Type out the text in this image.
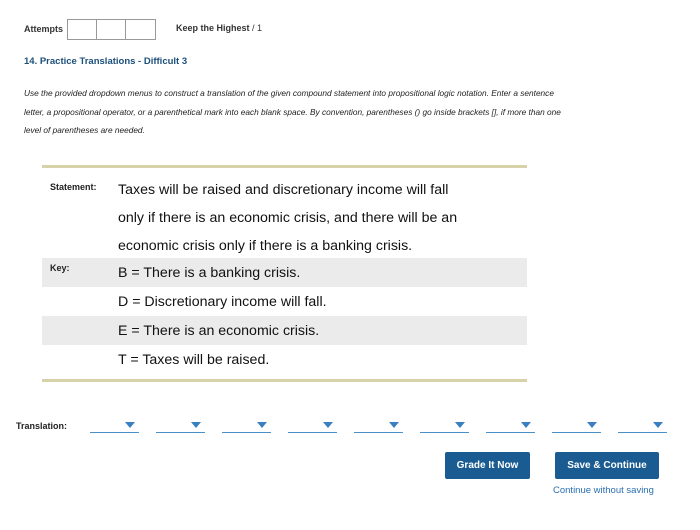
Attempts	Keep the Highest / 1
14. Practice Translations - Difficult 3
Use the provided dropdown menus to construct a translation of the given compound statement into propositional logic notation. Enter a sentence
letter, a propositional operator, or a parenthetical mark into each blank space. By convention, parentheses () go inside brackets [], if more than one
level of parentheses are needed.
Statement: Taxes will be raised and discretionary income will fall
only if there is an economic crisis, and there will be an
economic crisis only if there is a banking crisis.
Key:	B = There is a banking crisis.
D = Discretionary income will fall.
E = There is an economic crisis.
T = Taxes will be raised.
Translation:
Grade It Now	Save & Continue
Continue without saving
